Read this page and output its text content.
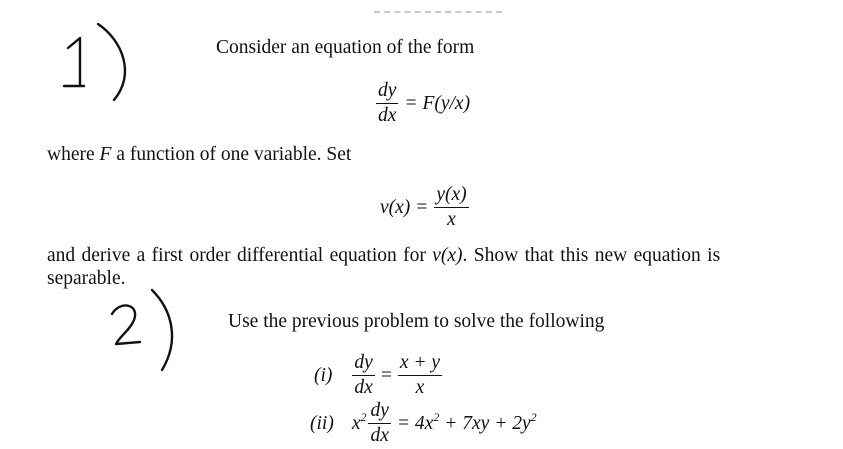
Consider an equation of the form
$\frac{dy}{dx} = F(y/x)$
where F a function of one variable. Set
$v(x) = \frac{y(x)}{x}$
and derive a first order differential equation for v(x). Show that this new equation is
separable.
Use the previous problem to solve the following
$(i) \frac{dy}{dx} = \frac{x + y}{x}$
(ii) $x^2 \frac{dy}{dx} = 4x^2 + 7xy + 2y^2$
